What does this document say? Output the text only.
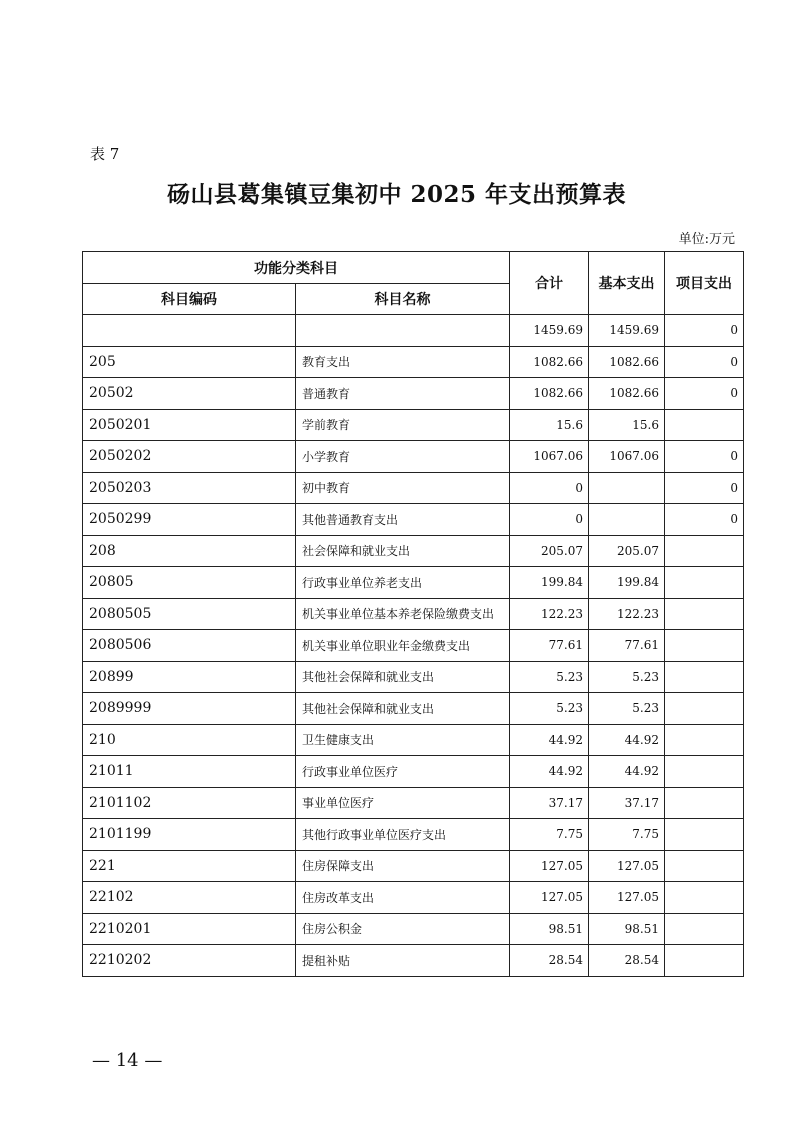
表 7
砀山县葛集镇豆集初中 2025 年支出预算表
单位:万元
功能分类科目		合计	基本支出	项目支出
科目编码	科目名称			
		1459.69	1459.69	0
205	教育支出	1082.66	1082.66	0
20502	普通教育	1082.66	1082.66	0
2050201	学前教育	15.6	15.6	
2050202	小学教育	1067.06	1067.06	0
2050203	初中教育	0		0
2050299	其他普通教育支出	0		0
208	社会保障和就业支出	205.07	205.07	
20805	行政事业单位养老支出	199.84	199.84	
2080505	机关事业单位基本养老保险缴费支出	122.23	122.23	
2080506	机关事业单位职业年金缴费支出	77.61	77.61	
20899	其他社会保障和就业支出	5.23	5.23	
2089999	其他社会保障和就业支出	5.23	5.23	
210	卫生健康支出	44.92	44.92	
21011	行政事业单位医疗	44.92	44.92	
2101102	事业单位医疗	37.17	37.17	
2101199	其他行政事业单位医疗支出	7.75	7.75	
221	住房保障支出	127.05	127.05	
22102	住房改革支出	127.05	127.05	
2210201	住房公积金	98.51	98.51	
2210202	提租补贴	28.54	28.54	
— 14 —
